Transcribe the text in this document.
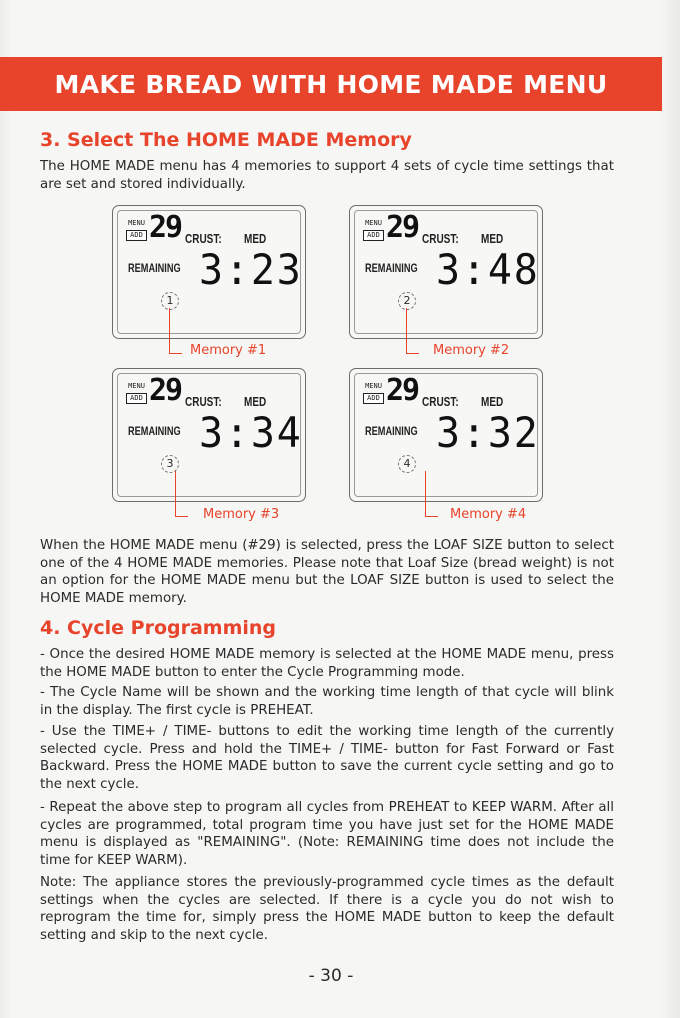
MAKE BREAD WITH HOME MADE MENU
3. Select The HOME MADE Memory
The HOME MADE menu has 4 memories to support 4 sets of cycle time settings that are set and stored individually.
MENU
ADD 29 CRUST: MED
REMAINING 3:23
1
Memory #1
MENU
ADD 29 CRUST: MED
REMAINING 3:48
2
Memory #2
MENU
ADD 29 CRUST: MED
REMAINING 3:34
3
Memory #3
MENU
ADD 29 CRUST: MED
REMAINING 3:32
4
Memory #4
When the HOME MADE menu (#29) is selected, press the LOAF SIZE button to select one of the 4 HOME MADE memories. Please note that Loaf Size (bread weight) is not an option for the HOME MADE menu but the LOAF SIZE button is used to select the HOME MADE memory.
4. Cycle Programming
- Once the desired HOME MADE memory is selected at the HOME MADE menu, press the HOME MADE button to enter the Cycle Programming mode.
- The Cycle Name will be shown and the working time length of that cycle will blink in the display. The first cycle is PREHEAT.
- Use the TIME+ / TIME- buttons to edit the working time length of the currently selected cycle. Press and hold the TIME+ / TIME- button for Fast Forward or Fast Backward. Press the HOME MADE button to save the current cycle setting and go to the next cycle.
- Repeat the above step to program all cycles from PREHEAT to KEEP WARM. After all cycles are programmed, total program time you have just set for the HOME MADE menu is displayed as "REMAINING". (Note: REMAINING time does not include the time for KEEP WARM).
Note: The appliance stores the previously-programmed cycle times as the default settings when the cycles are selected. If there is a cycle you do not wish to reprogram the time for, simply press the HOME MADE button to keep the default setting and skip to the next cycle.
- 30 -
